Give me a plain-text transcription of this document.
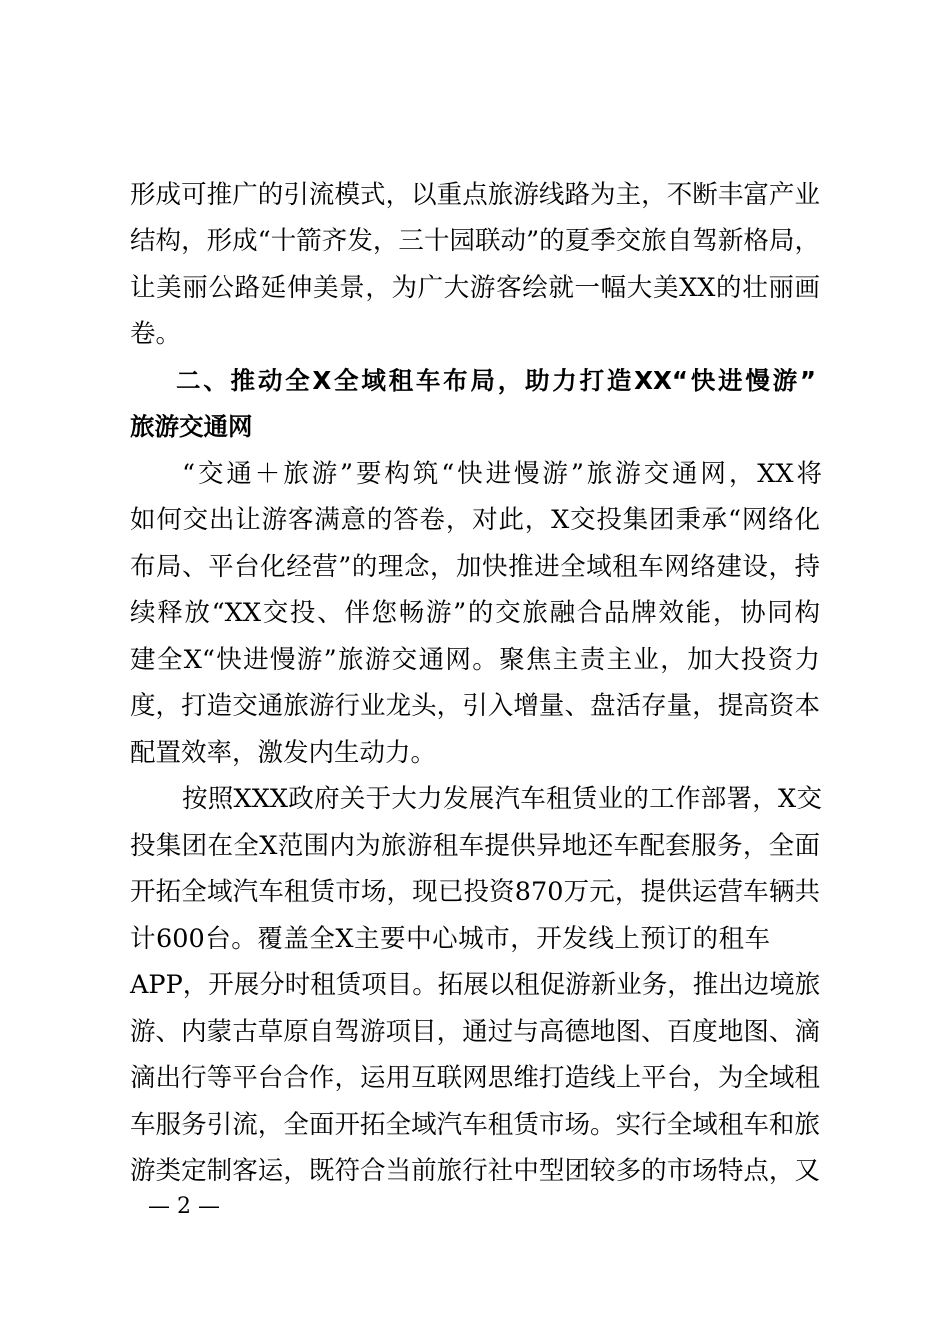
形成可推广的引流模式，以重点旅游线路为主，不断丰富产业
结构，形成“十箭齐发，三十园联动”的夏季交旅自驾新格局，
让美丽公路延伸美景，为广大游客绘就一幅大美XX的壮丽画
卷。
二、推动全X全域租车布局，助力打造XX“快进慢游”
旅游交通网
“交通＋旅游”要构筑“快进慢游”旅游交通网，XX将
如何交出让游客满意的答卷，对此，X交投集团秉承“网络化
布局、平台化经营”的理念，加快推进全域租车网络建设，持
续释放“XX交投、伴您畅游”的交旅融合品牌效能，协同构
建全X“快进慢游”旅游交通网。聚焦主责主业，加大投资力
度，打造交通旅游行业龙头，引入增量、盘活存量，提高资本
配置效率，激发内生动力。
按照XXX政府关于大力发展汽车租赁业的工作部署，X交
投集团在全X范围内为旅游租车提供异地还车配套服务，全面
开拓全域汽车租赁市场，现已投资870万元，提供运营车辆共
计600台。覆盖全X主要中心城市，开发线上预订的租车
APP，开展分时租赁项目。拓展以租促游新业务，推出边境旅
游、内蒙古草原自驾游项目，通过与高德地图、百度地图、滴
滴出行等平台合作，运用互联网思维打造线上平台，为全域租
车服务引流，全面开拓全域汽车租赁市场。实行全域租车和旅
游类定制客运，既符合当前旅行社中型团较多的市场特点，又
— 2 —
